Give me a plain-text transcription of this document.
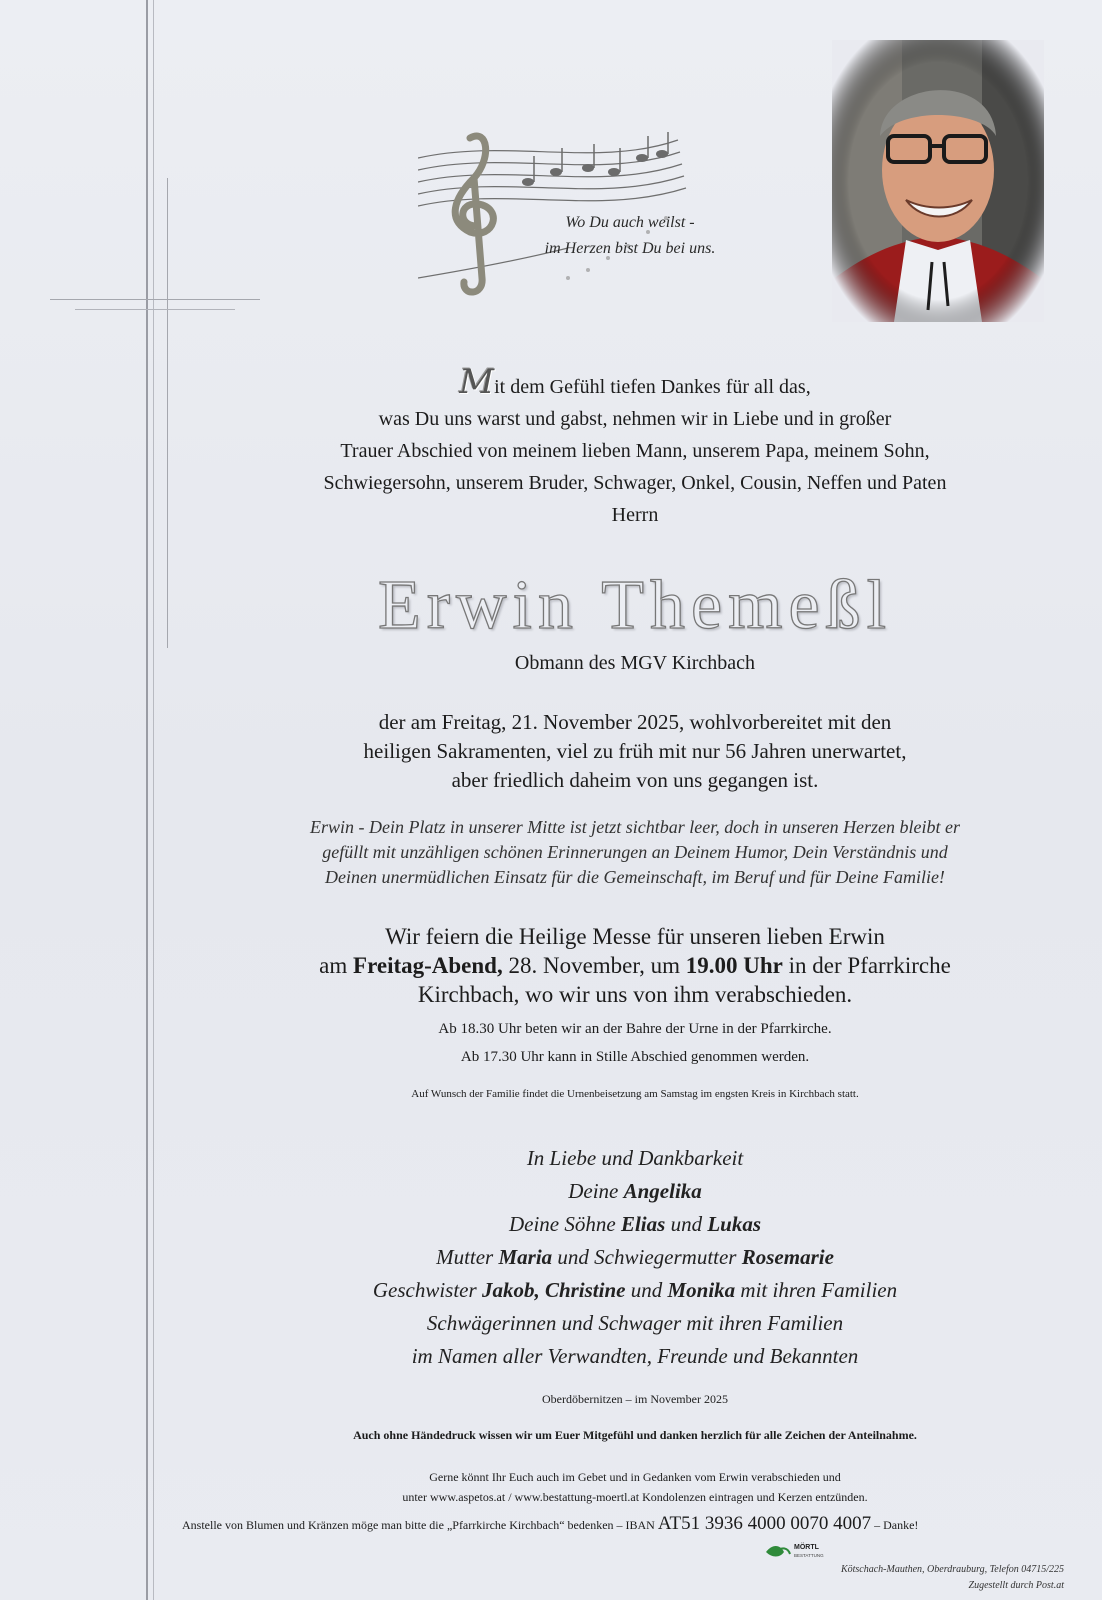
Wo Du auch weilst -
im Herzen bist Du bei uns.
Mit dem Gefühl tiefen Dankes für all das,
was Du uns warst und gabst, nehmen wir in Liebe und in großer
Trauer Abschied von meinem lieben Mann, unserem Papa, meinem Sohn,
Schwiegersohn, unserem Bruder, Schwager, Onkel, Cousin, Neffen und Paten
Herrn
Erwin Themeßl
Obmann des MGV Kirchbach
der am Freitag, 21. November 2025, wohlvorbereitet mit den
heiligen Sakramenten, viel zu früh mit nur 56 Jahren unerwartet,
aber friedlich daheim von uns gegangen ist.
Erwin - Dein Platz in unserer Mitte ist jetzt sichtbar leer, doch in unseren Herzen bleibt er
gefüllt mit unzähligen schönen Erinnerungen an Deinem Humor, Dein Verständnis und
Deinen unermüdlichen Einsatz für die Gemeinschaft, im Beruf und für Deine Familie!
Wir feiern die Heilige Messe für unseren lieben Erwin
am Freitag-Abend, 28. November, um 19.00 Uhr in der Pfarrkirche
Kirchbach, wo wir uns von ihm verabschieden.
Ab 18.30 Uhr beten wir an der Bahre der Urne in der Pfarrkirche.
Ab 17.30 Uhr kann in Stille Abschied genommen werden.
Auf Wunsch der Familie findet die Urnenbeisetzung am Samstag im engsten Kreis in Kirchbach statt.
In Liebe und Dankbarkeit
Deine Angelika
Deine Söhne Elias und Lukas
Mutter Maria und Schwiegermutter Rosemarie
Geschwister Jakob, Christine und Monika mit ihren Familien
Schwägerinnen und Schwager mit ihren Familien
im Namen aller Verwandten, Freunde und Bekannten
Oberdöbernitzen – im November 2025
Auch ohne Händedruck wissen wir um Euer Mitgefühl und danken herzlich für alle Zeichen der Anteilnahme.
Gerne könnt Ihr Euch auch im Gebet und in Gedanken vom Erwin verabschieden und
unter www.aspetos.at / www.bestattung-moertl.at Kondolenzen eintragen und Kerzen entzünden.
Anstelle von Blumen und Kränzen möge man bitte die „Pfarrkirche Kirchbach“ bedenken – IBAN AT51 3936 4000 0070 4007 – Danke!
MÖRTL
BESTATTUNG
Kötschach-Mauthen, Oberdrauburg, Telefon 04715/225
Zugestellt durch Post.at
